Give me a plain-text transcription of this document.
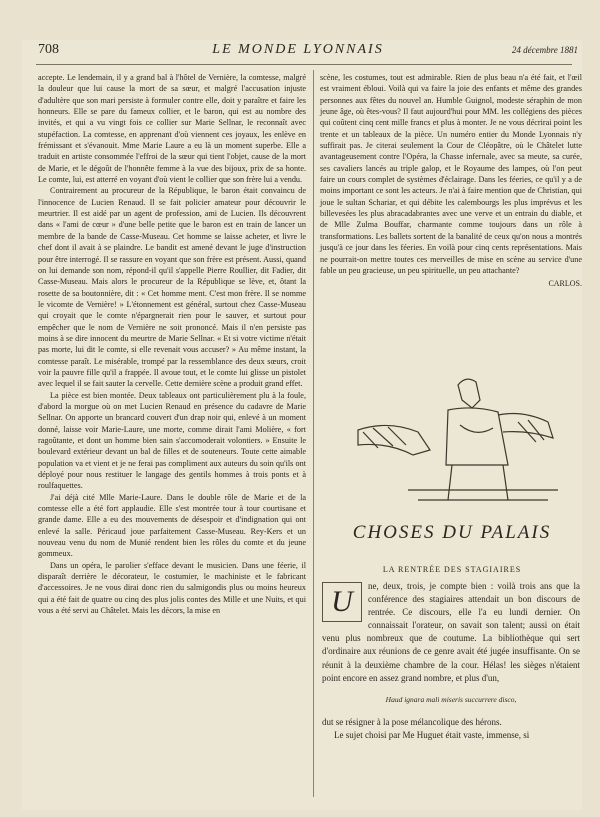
708	LE MONDE LYONNAIS	24 décembre 1881

accepte. Le lendemain, il y a grand bal à l'hôtel de Vernière, la comtesse, malgré la douleur que lui cause la mort de sa sœur, et malgré l'accusation injuste d'adultère que son mari persiste à formuler contre elle, doit y paraître et faire les honneurs. Elle se pare du fameux collier, et le baron, qui est au nombre des invités, et qui a vu vingt fois ce collier sur Marie Sellnar, le reconnaît avec stupéfaction. La comtesse, en apprenant d'où viennent ces joyaux, les enlève en frémissant et s'évanouit. Mme Marie Laure a eu là un moment superbe. Elle a traduit en artiste consommée l'effroi de la sœur qui tient l'objet, cause de la mort de Marie, et le dégoût de l'honnête femme à la vue des bijoux, prix de sa honte. Le comte, lui, est atterré en voyant d'où vient le collier que son frère lui a vendu.

Contrairement au procureur de la République, le baron était convaincu de l'innocence de Lucien Renaud. Il se fait policier amateur pour découvrir le meurtrier. Il est aidé par un agent de profession, ami de Lucien. Ils découvrent dans « l'ami de cœur » d'une belle petite que le baron est en train de lancer un membre de la bande de Casse-Museau. Cet homme se laisse acheter, et livre le chef dont il avait à se plaindre. Le bandit est amené devant le juge d'instruction pour être interrogé. Il se rassure en voyant que son frère est présent. Aussi, quand on lui demande son nom, répond-il qu'il s'appelle Pierre Roullier, dit Fadier, dit Casse-Museau. Mais alors le procureur de la République se lève, et, ôtant la rosette de sa boutonnière, dit : « Cet homme ment. C'est mon frère. Il se nomme le vicomte de Vernière! » L'étonnement est général, surtout chez Casse-Museau qui croyait que le comte n'épargnerait rien pour le sauver, et surtout pour empêcher que le nom de Vernière ne soit prononcé. Mais il n'en persiste pas moins à se dire innocent du meurtre de Marie Sellnar. « Et si votre victime n'était pas morte, lui dit le comte, si elle revenait vous accuser? » Au même instant, la comtesse paraît. Le misérable, trompé par la ressemblance des deux sœurs, croit voir la pauvre fille qu'il a frappée. Il avoue tout, et le comte lui glisse un pistolet avec lequel il se fait sauter la cervelle. Cette dernière scène a produit grand effet.

La pièce est bien montée. Deux tableaux ont particulièrement plu à la foule, d'abord la morgue où on met Lucien Renaud en présence du cadavre de Marie Sellnar. On apporte un brancard couvert d'un drap noir qui, enlevé à un moment donné, laisse voir Marie-Laure, une morte, comme dirait l'ami Molière, « fort ragoûtante, et dont un homme bien sain s'accomoderait volontiers. » Ensuite le boulevard extérieur devant un bal de filles et de souteneurs. Toute cette aimable population va et vient et je ne ferai pas compliment aux auteurs du soin qu'ils ont déployé pour nous restituer le langage des gentils hommes à trois ponts et à roulfaquettes.

J'ai déjà cité Mlle Marie-Laure. Dans le double rôle de Marie et de la comtesse elle a été fort applaudie. Elle s'est montrée tour à tour courtisane et grande dame. Elle a eu des mouvements de désespoir et d'indignation qui ont enlevé la salle. Péricaud joue parfaitement Casse-Museau. Rey-Kers et un nouveau venu du nom de Munié rendent bien les rôles du comte et du jeune gommeux.

Dans un opéra, le parolier s'efface devant le musicien. Dans une féerie, il disparaît derrière le décorateur, le costumier, le machiniste et le fabricant d'accessoires. Je ne vous dirai donc rien du salmigondis plus ou moins heureux qui a été fait de quatre ou cinq des plus jolis contes des Mille et une Nuits, et qui vous a été servi au Châtelet. Mais les décors, la mise en

scène, les costumes, tout est admirable. Rien de plus beau n'a été fait, et l'œil est vraiment ébloui. Voilà qui va faire la joie des enfants et même des grandes personnes aux fêtes du nouvel an. Humble Guignol, modeste séraphin de mon jeune âge, où êtes-vous? Il faut aujourd'hui pour MM. les collégiens des pièces qui coûtent cinq cent mille francs et plus à monter. Je ne vous décrirai point les trente et un tableaux de la pièce. Un numéro entier du Monde Lyonnais n'y suffirait pas. Je citerai seulement la Cour de Cléopâtre, où le Châtelet lutte avantageusement contre l'Opéra, la Chasse infernale, avec sa meute, sa curée, ses cavaliers lancés au triple galop, et le Royaume des lampes, où l'on peut faire un cours complet de systèmes d'éclairage. Dans les féeries, ce qu'il y a de moins important ce sont les acteurs. Je n'ai à faire mention que de Christian, qui joue le sultan Schariar, et qui débite les calembourgs les plus imprévus et les billevesées les plus abracadabrantes avec une verve et un entrain du diable, et de Mlle Zulma Bouffar, charmante comme toujours dans un rôle à transformations. Les ballets sortent de la banalité de ceux qu'on nous a montrés jusqu'à ce jour dans les féeries. En voilà pour cinq cents représentations. Mais ne pourrait-on mettre toutes ces merveilles de mise en scène au service d'une fable un peu gracieuse, un peu spirituelle, un peu attachante?

CARLOS.
CHOSES DU PALAIS
LA RENTRÉE DES STAGIAIRES
U	ne, deux, trois, je compte bien : voilà trois ans que la conférence des stagiaires attendait un bon discours de rentrée. Ce discours, elle l'a eu lundi dernier. On connaissait l'orateur, on savait son talent; aussi on était venu plus nombreux que de coutume. La bibliothèque qui sert d'ordinaire aux réunions de ce genre avait été jugée insuffisante. On se réunit à la deuxième chambre de la cour. Hélas! les sièges n'étaient point encore en assez grand nombre, et plus d'un,

Haud ignara mali miseris succurrere disco,

dut se résigner à la pose mélancolique des hérons.

Le sujet choisi par Me Huguet était vaste, immense, si
